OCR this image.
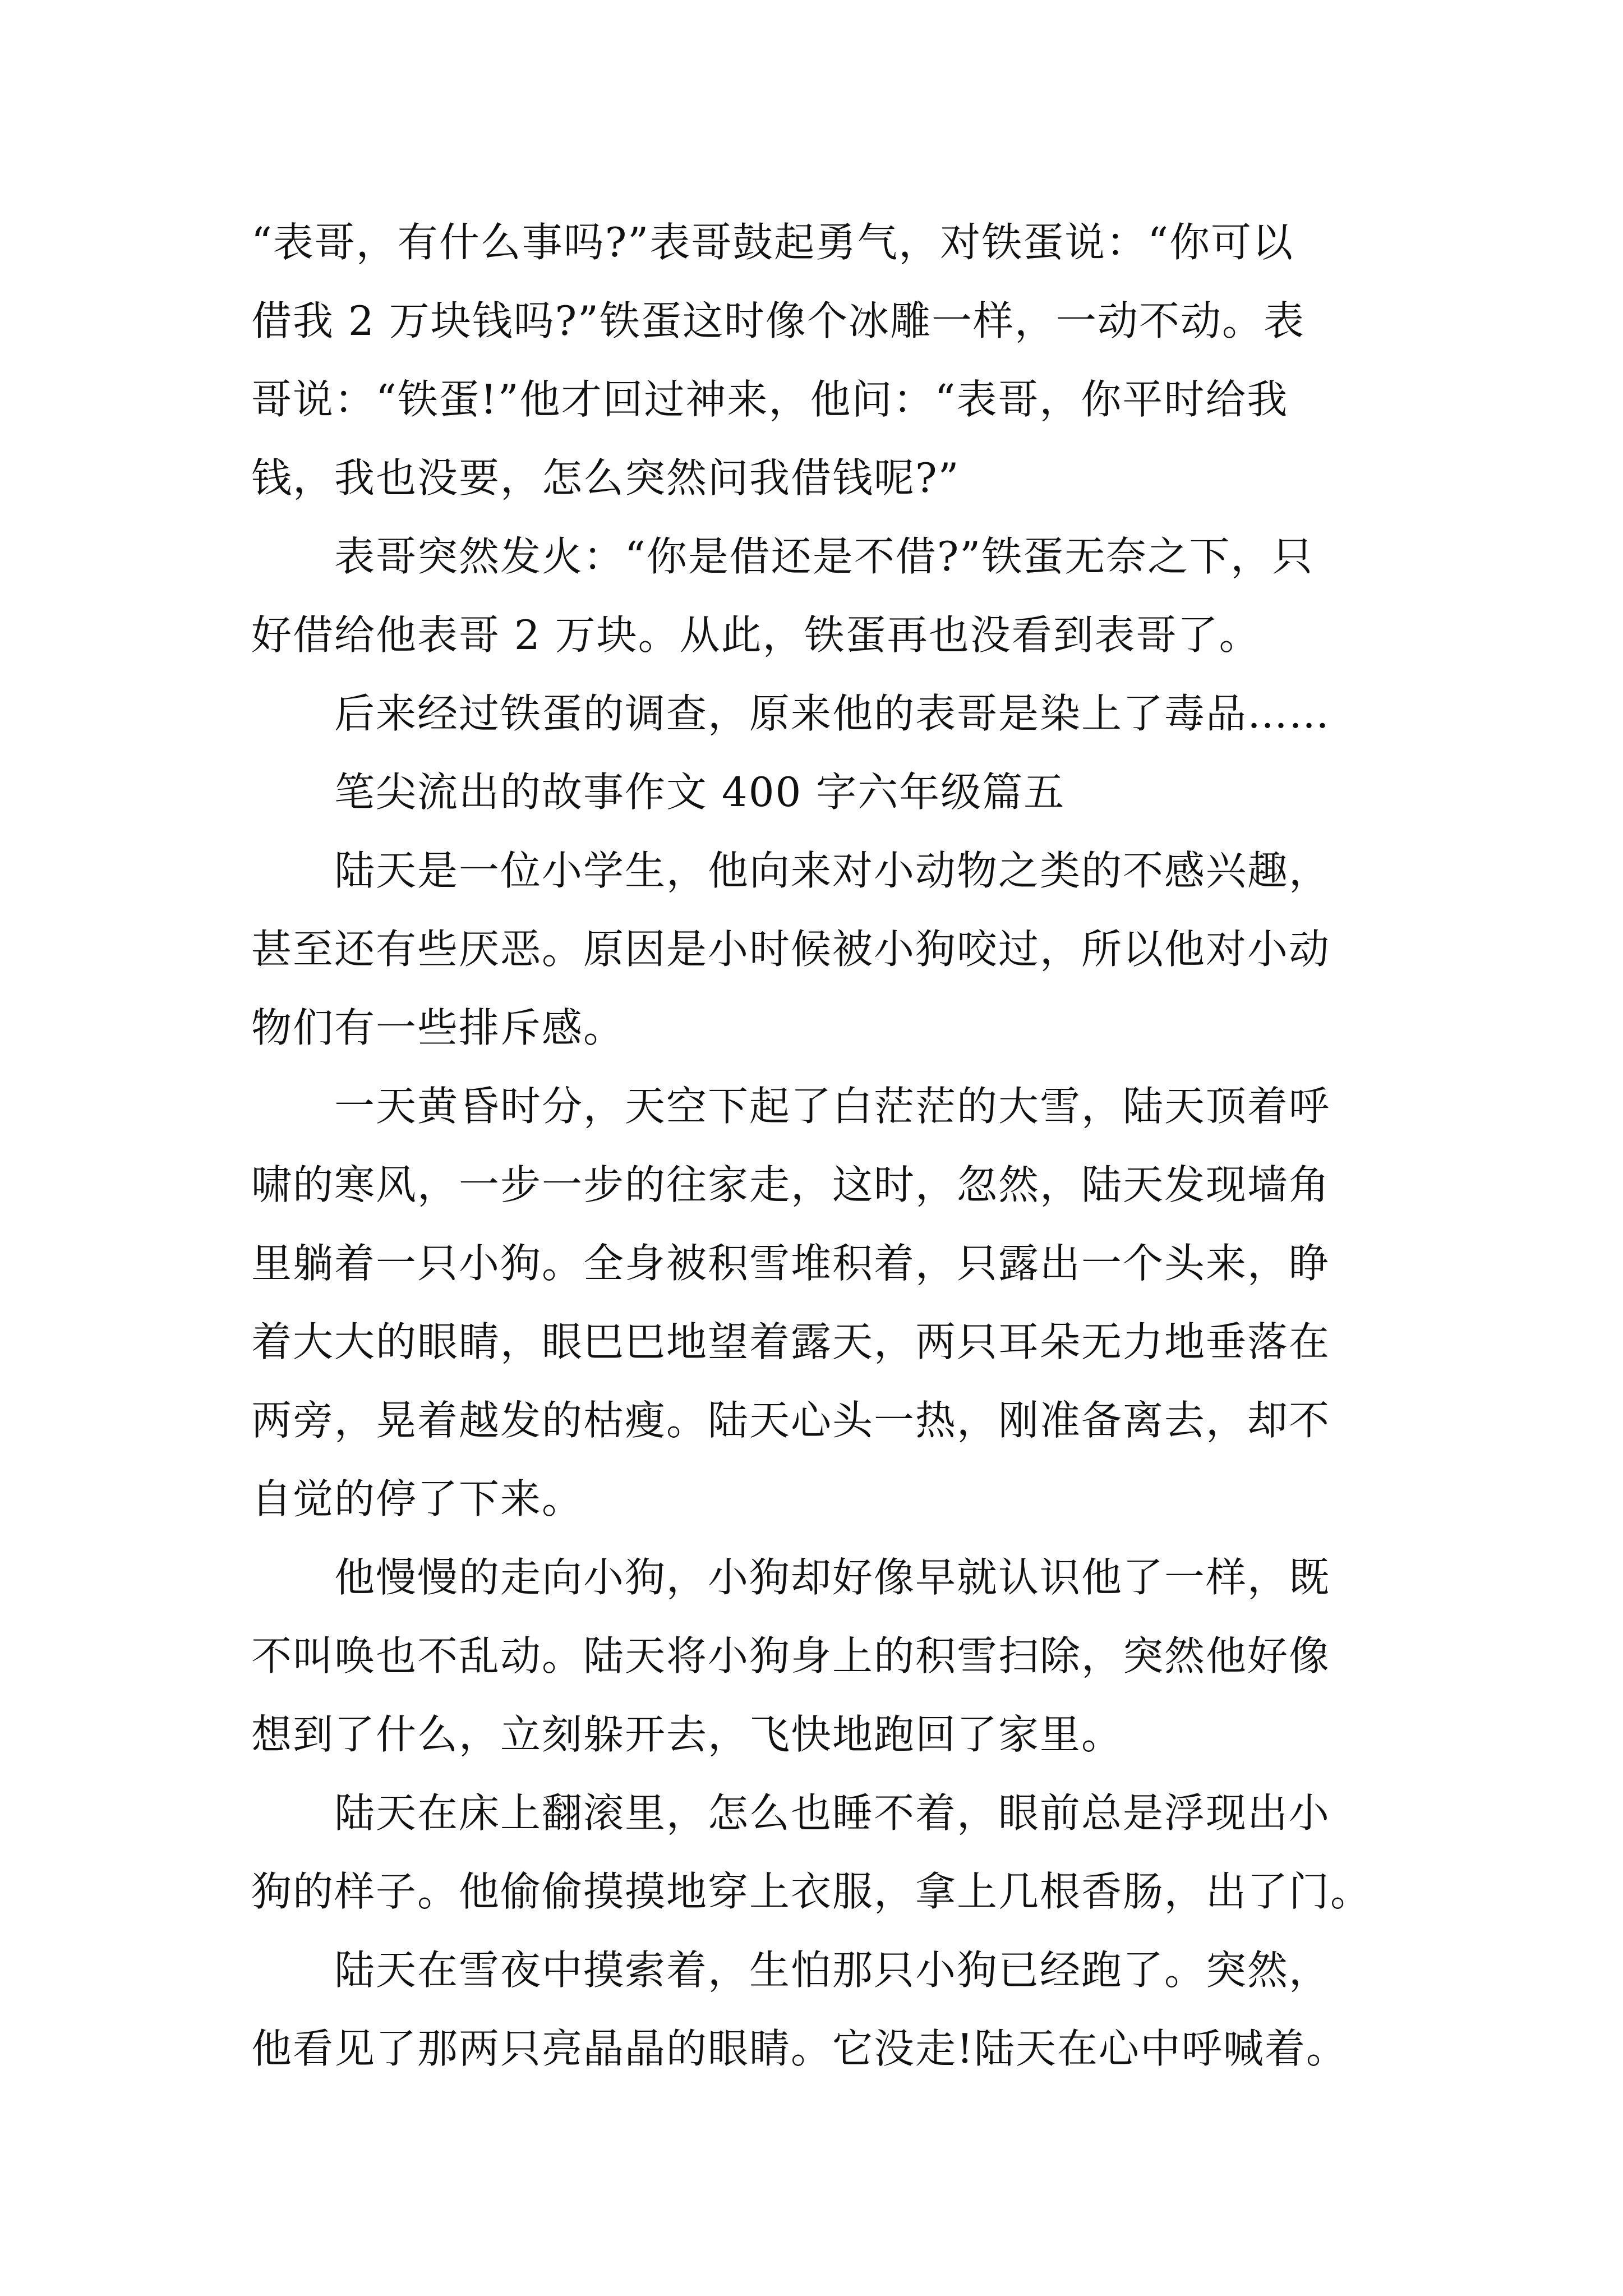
“表哥，有什么事吗?”表哥鼓起勇气，对铁蛋说：“你可以
借我 2 万块钱吗?”铁蛋这时像个冰雕一样，一动不动。表
哥说：“铁蛋!”他才回过神来，他问：“表哥，你平时给我
钱，我也没要，怎么突然问我借钱呢?”
表哥突然发火：“你是借还是不借?”铁蛋无奈之下，只
好借给他表哥 2 万块。从此，铁蛋再也没看到表哥了。
后来经过铁蛋的调查，原来他的表哥是染上了毒品……
笔尖流出的故事作文 400 字六年级篇五
陆天是一位小学生，他向来对小动物之类的不感兴趣，
甚至还有些厌恶。原因是小时候被小狗咬过，所以他对小动
物们有一些排斥感。
一天黄昏时分，天空下起了白茫茫的大雪，陆天顶着呼
啸的寒风，一步一步的往家走，这时，忽然，陆天发现墙角
里躺着一只小狗。全身被积雪堆积着，只露出一个头来，睁
着大大的眼睛，眼巴巴地望着露天，两只耳朵无力地垂落在
两旁，晃着越发的枯瘦。陆天心头一热，刚准备离去，却不
自觉的停了下来。
他慢慢的走向小狗，小狗却好像早就认识他了一样，既
不叫唤也不乱动。陆天将小狗身上的积雪扫除，突然他好像
想到了什么，立刻躲开去，飞快地跑回了家里。
陆天在床上翻滚里，怎么也睡不着，眼前总是浮现出小
狗的样子。他偷偷摸摸地穿上衣服，拿上几根香肠，出了门。
陆天在雪夜中摸索着，生怕那只小狗已经跑了。突然，
他看见了那两只亮晶晶的眼睛。它没走!陆天在心中呼喊着。
